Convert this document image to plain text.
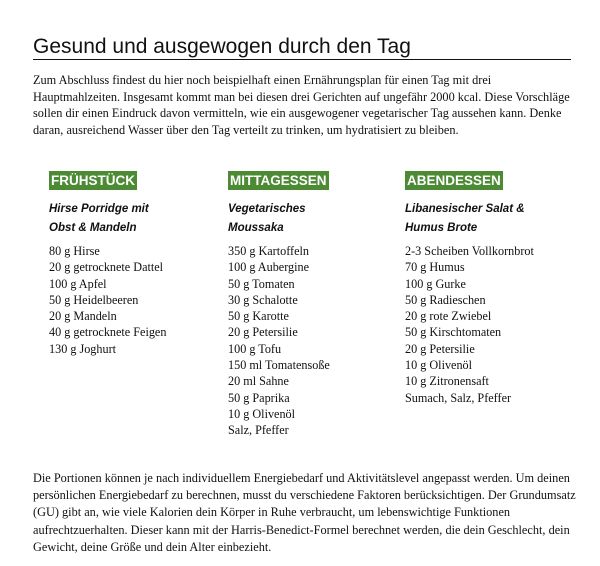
Gesund und ausgewogen durch den Tag

Zum Abschluss findest du hier noch beispielhaft einen Ernährungsplan für einen Tag mit drei Hauptmahlzeiten. Insgesamt kommt man bei diesen drei Gerichten auf ungefähr 2000 kcal. Diese Vorschläge sollen dir einen Eindruck davon vermitteln, wie ein ausgewogener vegetarischer Tag aussehen kann. Denke daran, ausreichend Wasser über den Tag verteilt zu trinken, um hydratisiert zu bleiben.

FRÜHSTÜCK
Hirse Porridge mit
Obst & Mandeln
80 g Hirse
20 g getrocknete Dattel
100 g Apfel
50 g Heidelbeeren
20 g Mandeln
40 g getrocknete Feigen
130 g Joghurt
MITTAGESSEN
Vegetarisches
Moussaka
350 g Kartoffeln
100 g Aubergine
50 g Tomaten
30 g Schalotte
50 g Karotte
20 g Petersilie
100 g Tofu
150 ml Tomatensoße
20 ml Sahne
50 g Paprika
10 g Olivenöl
Salz, Pfeffer
ABENDESSEN
Libanesischer Salat &
Humus Brote
2-3 Scheiben Vollkornbrot
70 g Humus
100 g Gurke
50 g Radieschen
20 g rote Zwiebel
50 g Kirschtomaten
20 g Petersilie
10 g Olivenöl
10 g Zitronensaft
Sumach, Salz, Pfeffer

Die Portionen können je nach individuellem Energiebedarf und Aktivitätslevel angepasst werden. Um deinen persönlichen Energiebedarf zu berechnen, musst du verschiedene Faktoren berücksichtigen. Der Grundumsatz (GU) gibt an, wie viele Kalorien dein Körper in Ruhe verbraucht, um lebenswichtige Funktionen aufrechtzuerhalten. Dieser kann mit der Harris-Benedict-Formel berechnet werden, die dein Geschlecht, dein Gewicht, deine Größe und dein Alter einbezieht.
